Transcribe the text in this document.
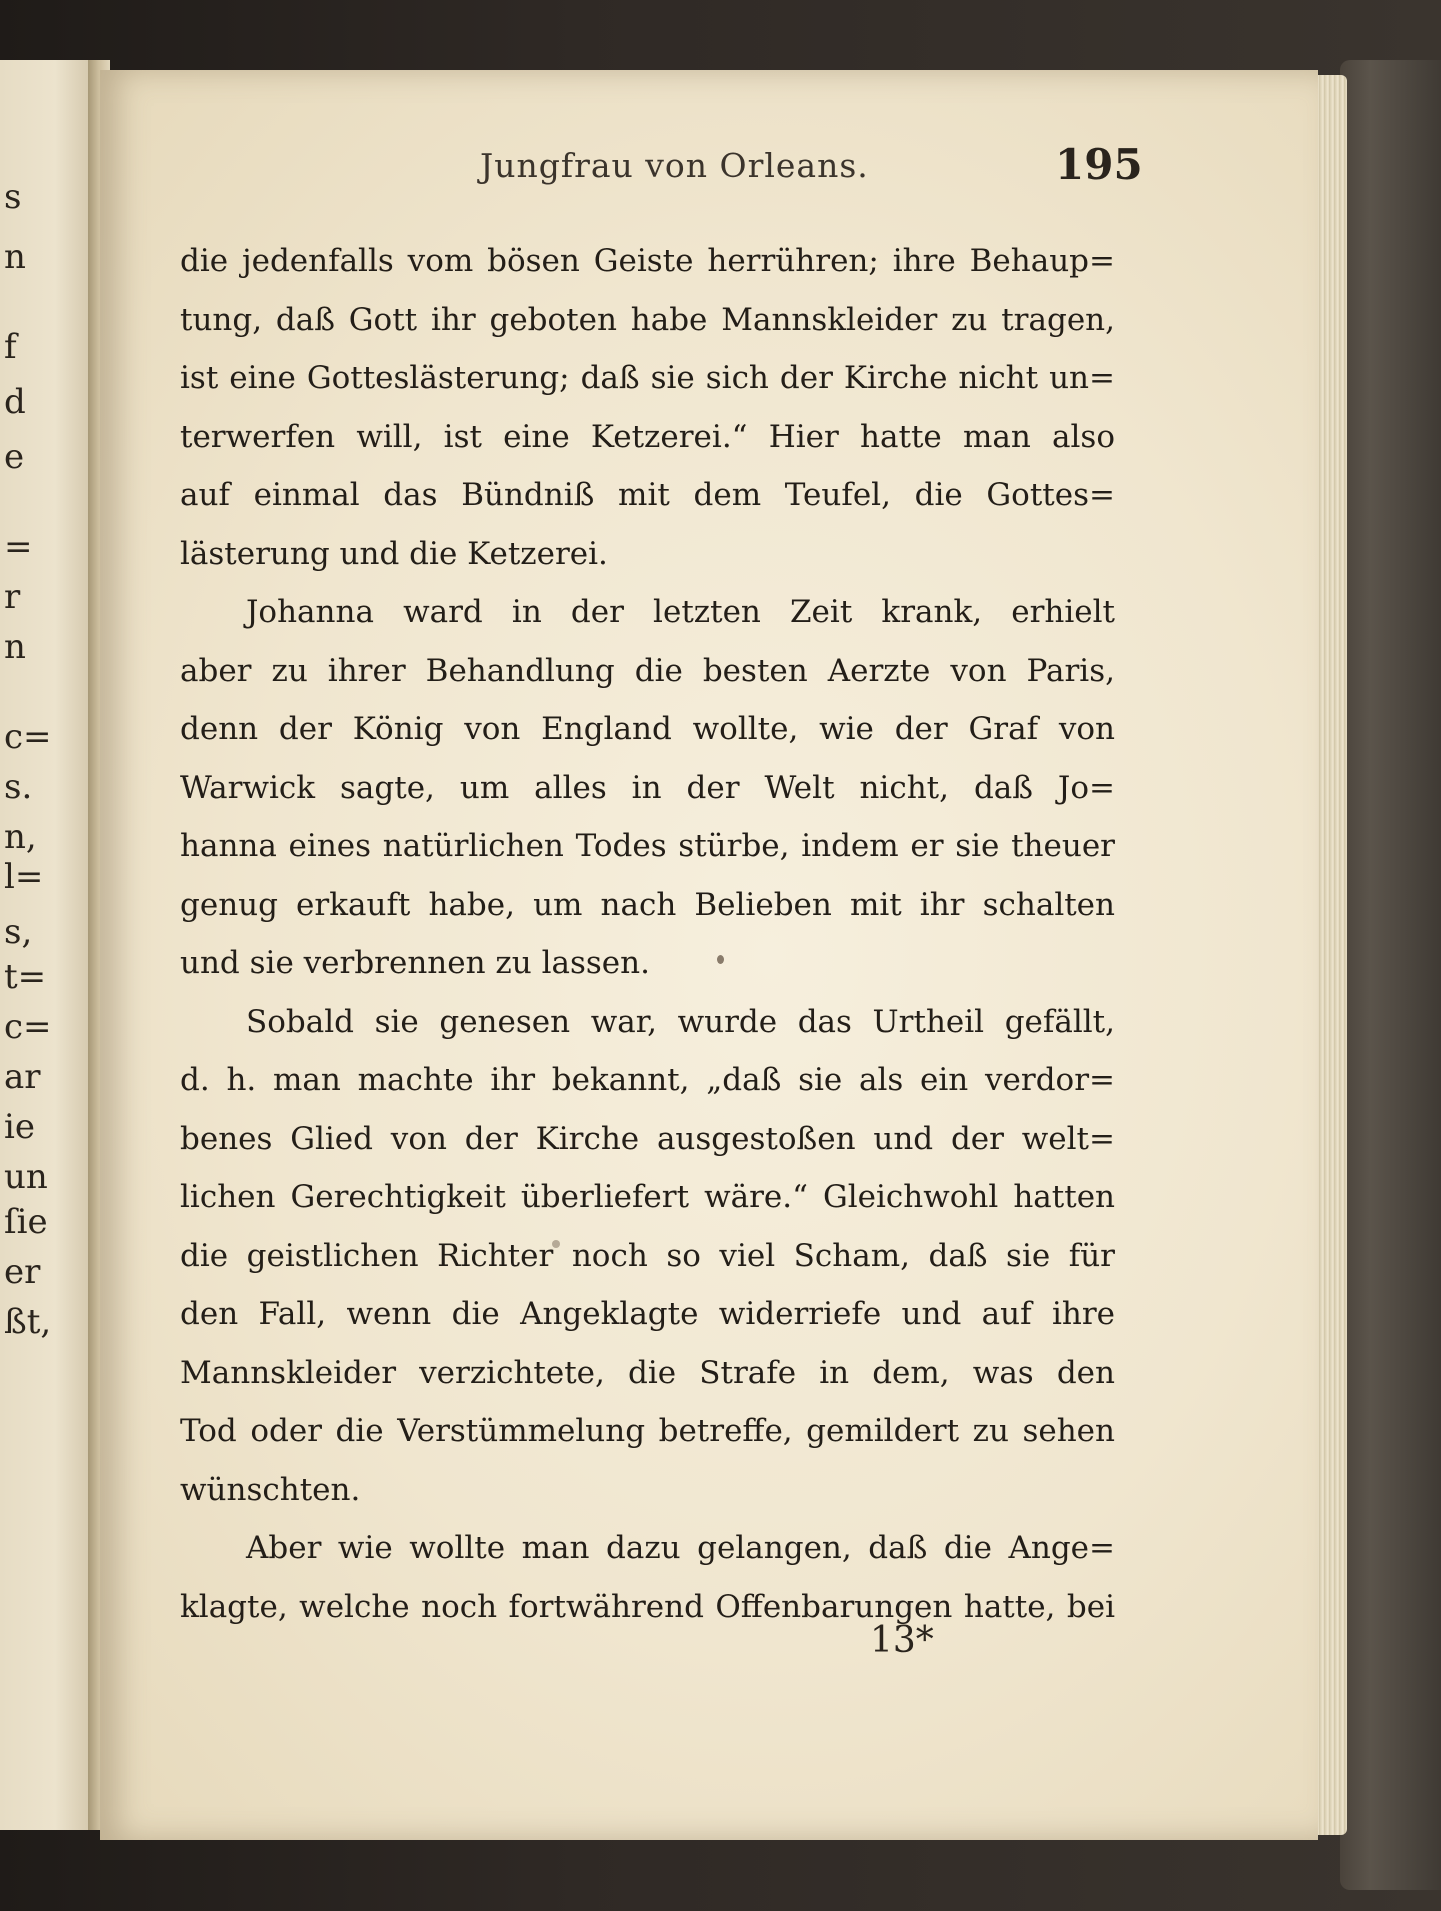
s
n
f
d
e
=
r
n
c=
s.
n,
l=
s,
t=
c=
ar
ie
un
ſie
er
ßt,
Jungfrau von Orleans.	195
die jedenfalls vom bösen Geiste herrühren; ihre Behaup=
tung, daß Gott ihr geboten habe Mannskleider zu tragen,
ist eine Gotteslästerung; daß sie sich der Kirche nicht un=
terwerfen will, ist eine Ketzerei.“ Hier hatte man also
auf einmal das Bündniß mit dem Teufel, die Gottes=
lästerung und die Ketzerei.
Johanna ward in der letzten Zeit krank, erhielt
aber zu ihrer Behandlung die besten Aerzte von Paris,
denn der König von England wollte, wie der Graf von
Warwick sagte, um alles in der Welt nicht, daß Jo=
hanna eines natürlichen Todes stürbe, indem er sie theuer
genug erkauft habe, um nach Belieben mit ihr schalten
und sie verbrennen zu lassen.
Sobald sie genesen war, wurde das Urtheil gefällt,
d. h. man machte ihr bekannt, „daß sie als ein verdor=
benes Glied von der Kirche ausgestoßen und der welt=
lichen Gerechtigkeit überliefert wäre.“ Gleichwohl hatten
die geistlichen Richter noch so viel Scham, daß sie für
den Fall, wenn die Angeklagte widerriefe und auf ihre
Mannskleider verzichtete, die Strafe in dem, was den
Tod oder die Verstümmelung betreffe, gemildert zu sehen
wünschten.
Aber wie wollte man dazu gelangen, daß die Ange=
klagte, welche noch fortwährend Offenbarungen hatte, bei
13*
